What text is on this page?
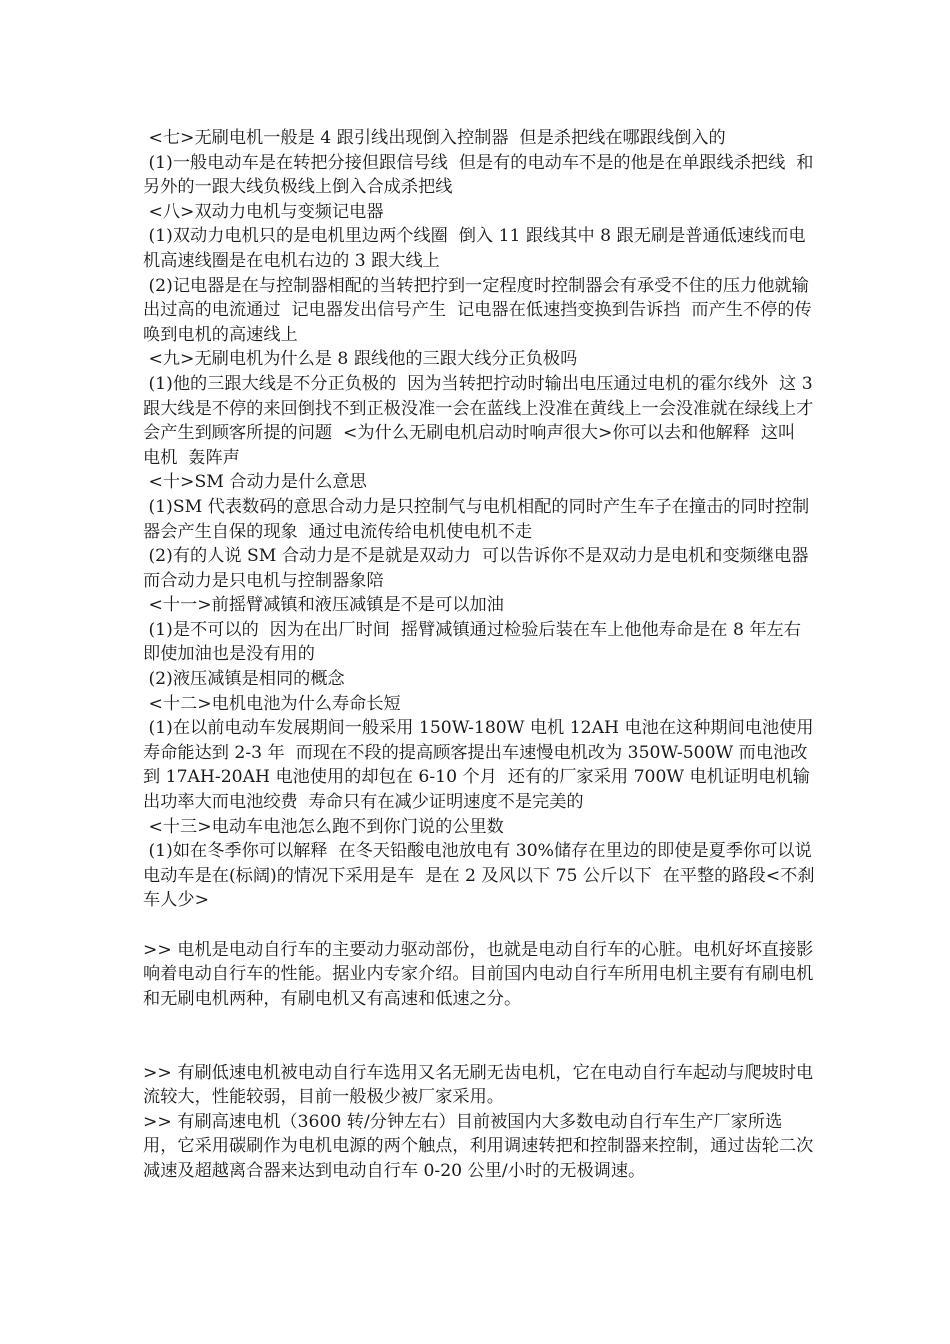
<七>无刷电机一般是 4 跟引线出现倒入控制器  但是杀把线在哪跟线倒入的

(1)一般电动车是在转把分接但跟信号线  但是有的电动车不是的他是在单跟线杀把线  和另外的一跟大线负极线上倒入合成杀把线

<八>双动力电机与变频记电器

(1)双动力电机只的是电机里边两个线圈  倒入 11 跟线其中 8 跟无刷是普通低速线而电机高速线圈是在电机右边的 3 跟大线上

(2)记电器是在与控制器相配的当转把拧到一定程度时控制器会有承受不住的压力他就输出过高的电流通过  记电器发出信号产生  记电器在低速挡变换到告诉挡  而产生不停的传唤到电机的高速线上

<九>无刷电机为什么是 8 跟线他的三跟大线分正负极吗

(1)他的三跟大线是不分正负极的  因为当转把拧动时输出电压通过电机的霍尔线外  这 3 跟大线是不停的来回倒找不到正极没准一会在蓝线上没准在黄线上一会没准就在绿线上才会产生到顾客所提的问题  <为什么无刷电机启动时响声很大>你可以去和他解释  这叫  电机  轰阵声

<十>SM 合动力是什么意思

(1)SM 代表数码的意思合动力是只控制气与电机相配的同时产生车子在撞击的同时控制器会产生自保的现象  通过电流传给电机使电机不走

(2)有的人说 SM 合动力是不是就是双动力  可以告诉你不是双动力是电机和变频继电器  而合动力是只电机与控制器象陪

<十一>前摇臂减镇和液压减镇是不是可以加油

(1)是不可以的  因为在出厂时间  摇臂减镇通过检验后装在车上他他寿命是在 8 年左右即使加油也是没有用的

(2)液压减镇是相同的概念

<十二>电机电池为什么寿命长短

(1)在以前电动车发展期间一般采用 150W-180W 电机 12AH 电池在这种期间电池使用寿命能达到 2-3 年  而现在不段的提高顾客提出车速慢电机改为 350W-500W 而电池改到 17AH-20AH 电池使用的却包在 6-10 个月  还有的厂家采用 700W 电机证明电机输出功率大而电池绞费  寿命只有在减少证明速度不是完美的

<十三>电动车电池怎么跑不到你门说的公里数

(1)如在冬季你可以解释  在冬天铅酸电池放电有 30%储存在里边的即使是夏季你可以说电动车是在(标阔)的情况下采用是车  是在 2 及风以下 75 公斤以下  在平整的路段<不刹车人少>

>> 电机是电动自行车的主要动力驱动部份，也就是电动自行车的心脏。电机好坏直接影响着电动自行车的性能。据业内专家介绍。目前国内电动自行车所用电机主要有有刷电机和无刷电机两种，有刷电机又有高速和低速之分。

>> 有刷低速电机被电动自行车选用又名无刷无齿电机，它在电动自行车起动与爬坡时电流较大，性能较弱，目前一般极少被厂家采用。

>> 有刷高速电机（3600 转/分钟左右）目前被国内大多数电动自行车生产厂家所选用，它采用碳刷作为电机电源的两个触点，利用调速转把和控制器来控制，通过齿轮二次减速及超越离合器来达到电动自行车 0-20 公里/小时的无极调速。
